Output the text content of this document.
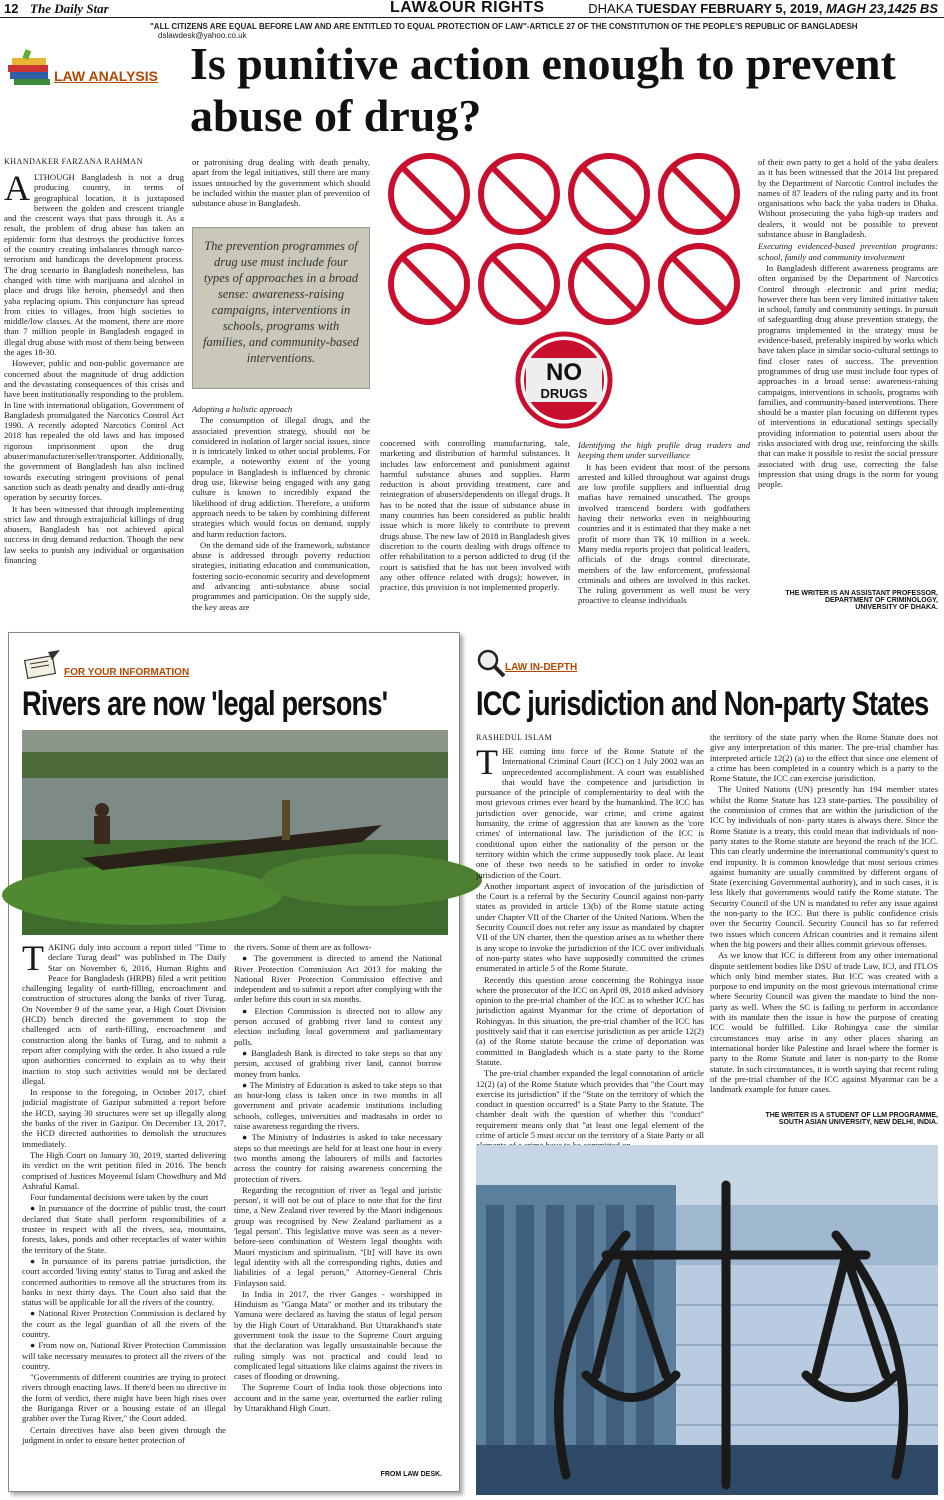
12 The Daily Star	LAW&OUR RIGHTS	DHAKA TUESDAY FEBRUARY 5, 2019, MAGH 23,1425 BS
"ALL CITIZENS ARE EQUAL BEFORE LAW AND ARE ENTITLED TO EQUAL PROTECTION OF LAW"-ARTICLE 27 OF THE CONSTITUTION OF THE PEOPLE'S REPUBLIC OF BANGLADESH dslawdesk@yahoo.co.uk
LAW ANALYSIS Is punitive action enough to prevent abuse of drug?
KHANDAKER FARZANA RAHMAN

ALTHOUGH Bangladesh is not a drug producing country, in terms of geographical location, it is juxtaposed between the golden and crescent triangle and the crescent ways that pass through it. As a result, the problem of drug abuse has taken an epidemic form that destroys the productive forces of the country creating imbalances through narco-terrorism and handicaps the development process. The drug scenario in Bangladesh nonetheless, has changed with time with marijuana and alcohol in place and drugs like heroin, phensedyl and then yaba replacing opium. This conjuncture has spread from cities to villages, from high societies to middle/low classes. At the moment, there are more than 7 million people in Bangladesh engaged in illegal drug abuse with most of them being between the ages 18-30.

However, public and non-public governance are concerned about the magnitude of drug addiction and the devastating consequences of this crisis and have been institutionally responding to the problem. In line with international obligation, Government of Bangladesh promulgated the Narcotics Control Act 1990. A recently adopted Narcotics Control Act 2018 has repealed the old laws and has imposed rigorous imprisonment upon the drug abuser/manufacturer/seller/transporter. Additionally, the government of Bangladesh has also inclined towards executing stringent provisions of penal sanction such as death penalty and deadly anti-drug operation by security forces.

It has been witnessed that through implementing strict law and through extrajudicial killings of drug abusers, Bangladesh has not achieved apical success in drug demand reduction. Though the new law seeks to punish any individual or organisation financing

or patronising drug dealing with death penalty, apart from the legal initiatives, still there are many issues untouched by the government which should be included within the master plan of prevention of substance abuse in Bangladesh.

The prevention programmes of drug use must include four types of approaches in a broad sense: awareness-raising campaigns, interventions in schools, programs with families, and community-based interventions.

Adopting a holistic approach

The consumption of illegal drugs, and the associated prevention strategy, should not be considered in isolation of larger social issues, since it is intricately linked to other social problems. For example, a noteworthy extent of the young populace in Bangladesh is influenced by chronic drug use, likewise being engaged with any gang culture is known to incredibly expand the likelihood of drug addiction. Therefore, a uniform approach needs to be taken by combining different strategies which would focus on demand, supply and harm reduction factors.

On the demand side of the framework, substance abuse is addressed through poverty reduction strategies, initiating education and communication, fostering socio-economic security and development and advancing anti-substance abuse social programmes and participation. On the supply side, the key areas are

NO
DRUGS

concerned with controlling manufacturing, sale, marketing and distribution of harmful substances. It includes law enforcement and punishment against harmful substance abuses and supplies. Harm reduction is about providing treatment, care and reintegration of abusers/dependents on illegal drugs. It has to be noted that the issue of substance abuse in many countries has been considered as public health issue which is more likely to contribute to prevent drugs abuse. The new law of 2018 in Bangladesh gives discretion to the courts dealing with drugs offence to offer rehabilitation to a person addicted to drug (if the court is satisfied that he has not been involved with any other offence related with drugs); however, in practice, this provision is not implemented properly.

Identifying the high profile drug traders and keeping them under surveillance

It has been evident that most of the persons arrested and killed throughout war against drugs are low profile suppliers and influential drug mafias have remained unscathed. The groups involved transcend borders with godfathers having their networks even in neighbouring countries and it is estimated that they make a net profit of more than TK 10 million in a week. Many media reports project that political leaders, officials of the drugs control directorate, members of the law enforcement, professional criminals and others are involved in this racket. The ruling government as well must be very proactive to cleanse individuals

of their own party to get a hold of the yaba dealers as it has been witnessed that the 2014 list prepared by the Department of Narcotic Control includes the names of 87 leaders of the ruling party and its front organisations who back the yaba traders in Dhaka. Without prosecuting the yaba high-up traders and dealers, it would not be possible to prevent substance abuse in Bangladesh.

Executing evidenced-based prevention programs: school, family and community involvement

In Bangladesh different awareness programs are often organised by the Department of Narcotics Control through electronic and print media; however there has been very limited initiative taken in school, family and community settings. In pursuit of safeguarding drug abuse prevention strategy, the programs implemented in the strategy must be evidence-based, preferably inspired by works which have taken place in similar socio-cultural settings to find closer rates of success. The prevention programmes of drug use must include four types of approaches in a broad sense: awareness-raising campaigns, interventions in schools, programs with families, and community-based interventions. There should be a master plan focusing on different types of interventions in educational settings specially providing information to potential users about the risks associated with drug use, reinforcing the skills that can make it possible to resist the social pressure associated with drug use, correcting the false impression that using drugs is the norm for young people.

THE WRITER IS AN ASSISTANT PROFESSOR,
DEPARTMENT OF CRIMINOLOGY,
UNIVERSITY OF DHAKA.
FOR YOUR INFORMATION
Rivers are now 'legal persons'

TAKING duly into account a report titled "Time to declare Turag dead" was published in The Daily Star on November 6, 2016, Human Rights and Peace for Bangladesh (HRPB) filed a writ petition challenging legality of earth-filling, encroachment and construction of structures along the banks of river Turag. On November 9 of the same year, a High Court Division (HCD) bench directed the government to stop the challenged acts of earth-filling, encroachment and construction along the banks of Turag, and to submit a report after complying with the order. It also issued a rule upon authorities concerned to explain as to why their inaction to stop such activities would not be declared illegal.

In response to the foregoing, in October 2017, chief judicial magistrate of Gazipur submitted a report before the HCD, saying 30 structures were set up illegally along the banks of the river in Gazipur. On December 13, 2017, the HCD directed authorities to demolish the structures immediately.

The High Court on January 30, 2019, started delivering its verdict on the writ petition filed in 2016. The bench comprised of Justices Moyeenul Islam Chowdhury and Md Ashraful Kamal.

Four fundamental decisions were taken by the court

● In pursuance of the doctrine of public trust, the court declared that State shall perform responsibilities of a trustee in respect with all the rivers, sea, mountains, forests, lakes, ponds and other receptacles of water within the territory of the State.

● In pursuance of its parens patriae jurisdiction, the court accorded 'living entity' status to Turag and asked the concerned authorities to remove all the structures from its banks in next thirty days. The Court also said that the status will be applicable for all the rivers of the country.

● National River Protection Commission is declared by the court as the legal guardian of all the rivers of the country.

● From now on, National River Protection Commission will take necessary measures to protect all the rivers of the country.

"Governments of different countries are trying to protect rivers through enacting laws. If there'd been no directive in the form of verdict, there might have been high rises over the Buriganga River or a housing estate of an illegal grabber over the Turag River," the Court added.

Certain directives have also been given through the judgment in order to ensure better protection of

the rivers. Some of them are as follows-

● The government is directed to amend the National River Protection Commission Act 2013 for making the National River Protection Commission effective and independent and to submit a report after complying with the order before this court in six months.

● Election Commission is directed not to allow any person accused of grabbing river land to contest any election including local government and parliamentary polls.

● Bangladesh Bank is directed to take steps so that any person, accused of grabbing river land, cannot borrow money from banks.

● The Ministry of Education is asked to take steps so that an hour-long class is taken once in two months in all government and private academic institutions including schools, colleges, universities and madrasahs in order to raise awareness regarding the rivers.

● The Ministry of Industries is asked to take necessary steps so that meetings are held for at least one hour in every two months among the labourers of mills and factories across the country for raising awareness concerning the protection of rivers.

Regarding the recognition of river as 'legal and juristic person', it will not be out of place to note that for the first time, a New Zealand river revered by the Maori indigenous group was recognised by New Zealand parliament as a 'legal person'. This legislative move was seen as a never-before-seen combination of Western legal thoughts with Maori mysticism and spiritualism. "[It] will have its own legal identity with all the corresponding rights, duties and liabilities of a legal person," Attorney-General Chris Finlayson said.

In India in 2017, the river Ganges - worshipped in Hinduism as "Ganga Mata" or mother and its tributary the Yamuna were declared as having the status of legal person by the High Court of Uttarakhand. But Uttarakhand's state government took the issue to the Supreme Court arguing that the declaration was legally unsustainable because the ruling simply was not practical and could lead to complicated legal situations like claims against the rivers in cases of flooding or drowning.

The Supreme Court of India took those objections into account and in the same year, overturned the earlier ruling by Uttarakhand High Court.

FROM LAW DESK.
LAW IN-DEPTH
ICC jurisdiction and Non-party States
RASHEDUL ISLAM

THE coming into force of the Rome Statute of the International Criminal Court (ICC) on 1 July 2002 was an unprecedented accomplishment. A court was established that would have the competence and jurisdiction in pursuance of the principle of complementarity to deal with the most grievous crimes ever heard by the humankind. The ICC has jurisdiction over genocide, war crime, and crime against humanity, the crime of aggression that are known as the 'core crimes' of international law. The jurisdiction of the ICC is conditional upon either the nationality of the person or the territory within which the crime supposedly took place. At least one of these two needs to be satisfied in order to invoke jurisdiction of the Court.

Another important aspect of invocation of the jurisdiction of the Court is a referral by the Security Council against non-party states as provided in article 13(b) of the Rome statute acting under Chapter VII of the Charter of the United Nations. When the Security Council does not refer any issue as mandated by chapter VII of the UN charter, then the question arises as to whether there is any scope to invoke the jurisdiction of the ICC over individuals of non-party states who have supposedly committed the crimes enumerated in article 5 of the Rome Statute.

Recently this question arose concerning the Rohingya issue where the prosecutor of the ICC on April 09, 2018 asked advisory opinion to the pre-trial chamber of the ICC as to whether ICC has jurisdiction against Myanmar for the crime of deportation of Rohingyas. In this situation, the pre-trial chamber of the ICC has positively said that it can exercise jurisdiction as per article 12(2) (a) of the Rome statute because the crime of deportation was committed in Bangladesh which is a state party to the Rome Statute.

The pre-trial chamber expanded the legal connotation of article 12(2) (a) of the Rome Statute which provides that "the Court may exercise its jurisdiction" if the "State on the territory of which the conduct in question occurred" is a State Party to the Statute. The chamber dealt with the question of whether this "conduct" requirement means only that "at least one legal element of the crime of article 5 must occur on the territory of a State Party or all

the territory of the state party when the Rome Statute does not give any interpretation of this matter. The pre-trial chamber has interpreted article 12(2) (a) to the effect that since one element of a crime has been completed in a country which is a party to the Rome Statute, the ICC can exercise jurisdiction.

The United Nations (UN) presently has 194 member states whilst the Rome Statute has 123 state-parties. The possibility of the commission of crimes that are within the jurisdiction of the ICC by individuals of non- party states is always there. Since the Rome Statute is a treaty, this could mean that individuals of non-party states to the Rome statute are beyond the reach of the ICC. This can clearly undermine the international community's quest to end impunity. It is common knowledge that most serious crimes against humanity are usually committed by different organs of State (exercising Governmental authority), and in such cases, it is less likely that governments would ratify the Rome statute. The Security Council of the UN is mandated to refer any issue against the non-party to the ICC. But there is public confidence crisis over the Security Council. Security Council has so far referred two issues which concern African countries and it remains silent when the big powers and their allies commit grievous offenses.

As we know that ICC is different from any other international dispute settlement bodies like DSU of trade Law, ICJ, and ITLOS which only bind member states. But ICC was created with a purpose to end impunity on the most grievous international crime where Security Council was given the mandate to bind the non-party as well. When the SC is failing to perform in accordance with its mandate then the issue is how the purpose of creating ICC would be fulfilled. Like Rohingya case the similar circumstances may arise in any other places sharing an international border like Palestine and Israel where the former is party to the Rome Statute and later is non-party to the Rome statute. In such circumstances, it is worth saying that recent ruling of the pre-trial chamber of the ICC against Myanmar can be a landmark example for future cases.

THE WRITER IS A STUDENT OF LLM PROGRAMME,
SOUTH ASIAN UNIVERSITY, NEW DELHI, INDIA.
